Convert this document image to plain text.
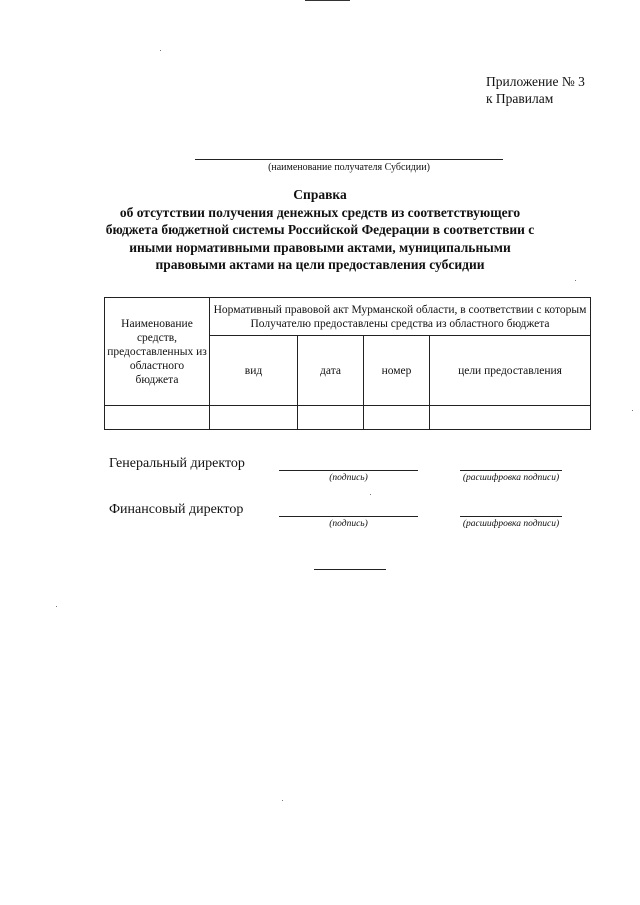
Приложение № 3
к Правилам
(наименование получателя Субсидии)
Справка
об отсутствии получения денежных средств из соответствующего
бюджета бюджетной системы Российской Федерации в соответствии с
иными нормативными правовыми актами, муниципальными
правовыми актами на цели предоставления субсидии
Наименование средств, предоставленных из областного бюджета	Нормативный правовой акт Мурманской области, в соответствии с которым Получателю предоставлены средства из областного бюджета			
	вид	дата	номер	цели предоставления

Генеральный директор
(подпись)	(расшифровка подписи)
Финансовый директор
(подпись)	(расшифровка подписи)
